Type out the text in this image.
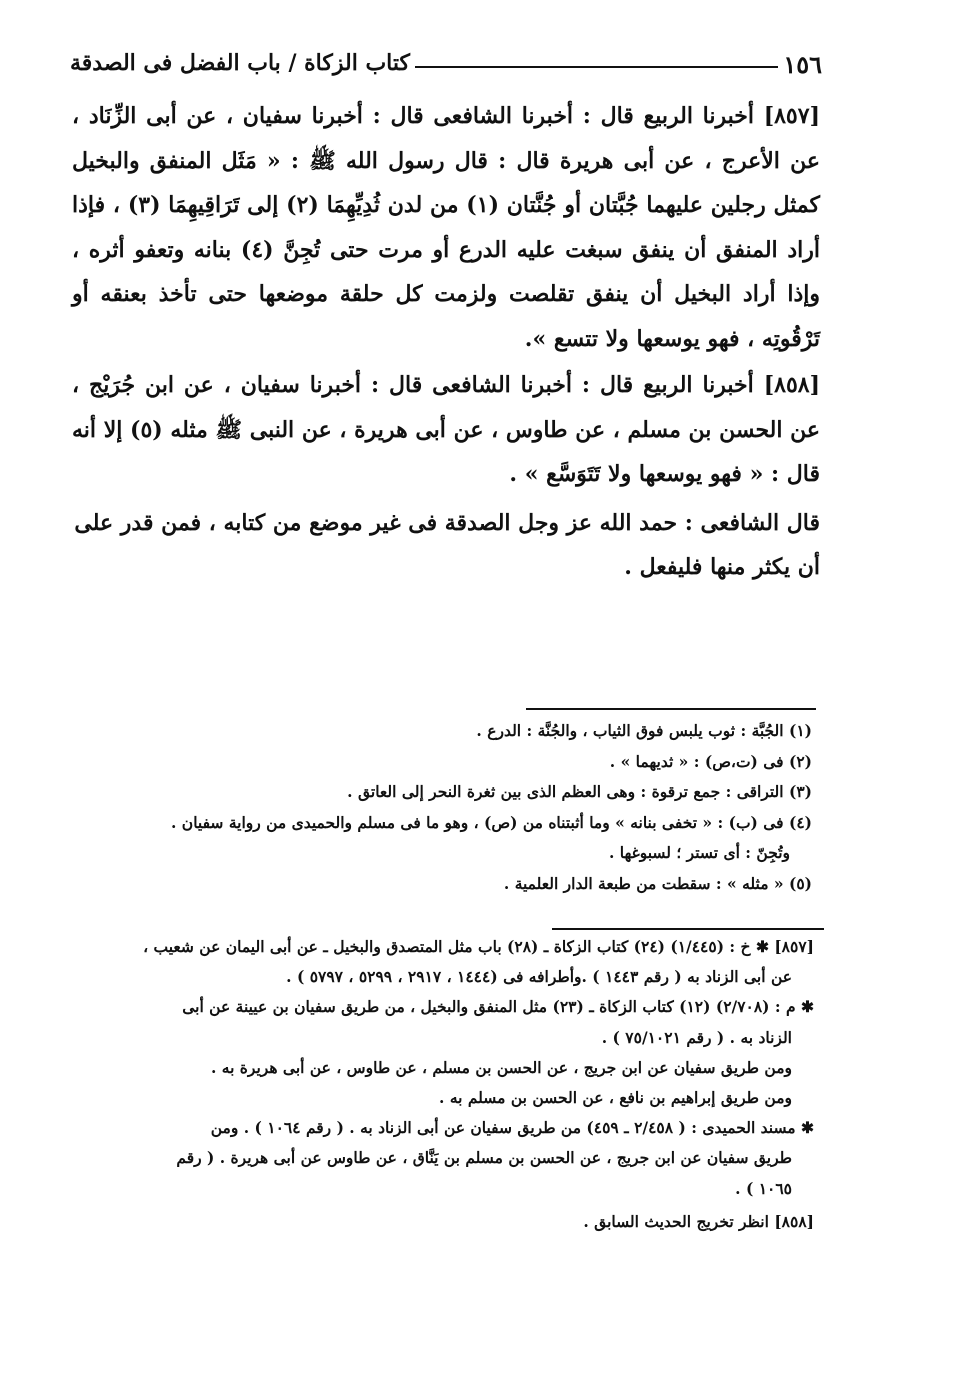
١٥٦
كتاب الزكاة / باب الفضل فى الصدقة

[٨٥٧] أخبرنا الربيع قال : أخبرنا الشافعى قال : أخبرنا سفيان ، عن أبى الزِّنَاد ، عن الأعرج ، عن أبى هريرة قال : قال رسول الله ﷺ : « مَثَل المنفق والبخيل كمثل رجلين عليهما جُبَّتان أو جُنَّتان (١) من لدن ثُدِيِّهِمَا (٢) إلى تَرَاقِيهِمَا (٣) ، فإذا أراد المنفق أن ينفق سبغت عليه الدرع أو مرت حتى تُجِنَّ (٤) بنانه وتعفو أثره ، وإذا أراد البخيل أن ينفق تقلصت ولزمت كل حلقة موضعها حتى تأخذ بعنقه أو تَرْقُوتِه ، فهو يوسعها ولا تتسع ».

[٨٥٨] أخبرنا الربيع قال : أخبرنا الشافعى قال : أخبرنا سفيان ، عن ابن جُرَيْج ، عن الحسن بن مسلم ، عن طاوس ، عن أبى هريرة ، عن النبى ﷺ مثله (٥) إلا أنه قال : « فهو يوسعها ولا تَتَوَسَّع » .

قال الشافعى : حمد الله عز وجل الصدقة فى غير موضع من كتابه ، فمن قدر على أن يكثر منها فليفعل .

(١) الجُبَّة : ثوب يلبس فوق الثياب ، والجُنَّة : الدرع .
(٢) فى (ت،ص) : « ثديهما » .
(٣) التراقى : جمع ترقوة : وهى العظم الذى بين ثغرة النحر إلى العاتق .
(٤) فى (ب) : « تخفى بنانه » وما أثبتناه من (ص) ، وهو ما فى مسلم والحميدى من رواية سفيان .
وتُجِنّ : أى تستر ؛ لسبوغها .
(٥) « مثله » : سقطت من طبعة الدار العلمية .
[٨٥٧] ✱ خ : (١/٤٤٥) (٢٤) كتاب الزكاة ـ (٢٨) باب مثل المتصدق والبخيل ـ عن أبى اليمان عن شعيب ،
عن أبى الزناد به ( رقم ١٤٤٣ ) .وأطرافه فى (١٤٤٤ ، ٢٩١٧ ، ٥٢٩٩ ، ٥٧٩٧ ) .
✱ م : (٢/٧٠٨) (١٢) كتاب الزكاة ـ (٢٣) مثل المنفق والبخيل ، من طريق سفيان بن عيينة عن أبى
الزناد به . ( رقم ٧٥/١٠٢١ ) .
ومن طريق سفيان عن ابن جريج ، عن الحسن بن مسلم ، عن طاوس ، عن أبى هريرة به .
ومن طريق إبراهيم بن نافع ، عن الحسن بن مسلم به .
✱ مسند الحميدى : ( ٢/٤٥٨ ـ ٤٥٩) من طريق سفيان عن أبى الزناد به . ( رقم ١٠٦٤ ) . ومن
طريق سفيان عن ابن جريج ، عن الحسن بن مسلم بن يَنَّاق ، عن طاوس عن أبى هريرة . ( رقم
١٠٦٥ ) .
[٨٥٨] انظر تخريج الحديث السابق .
